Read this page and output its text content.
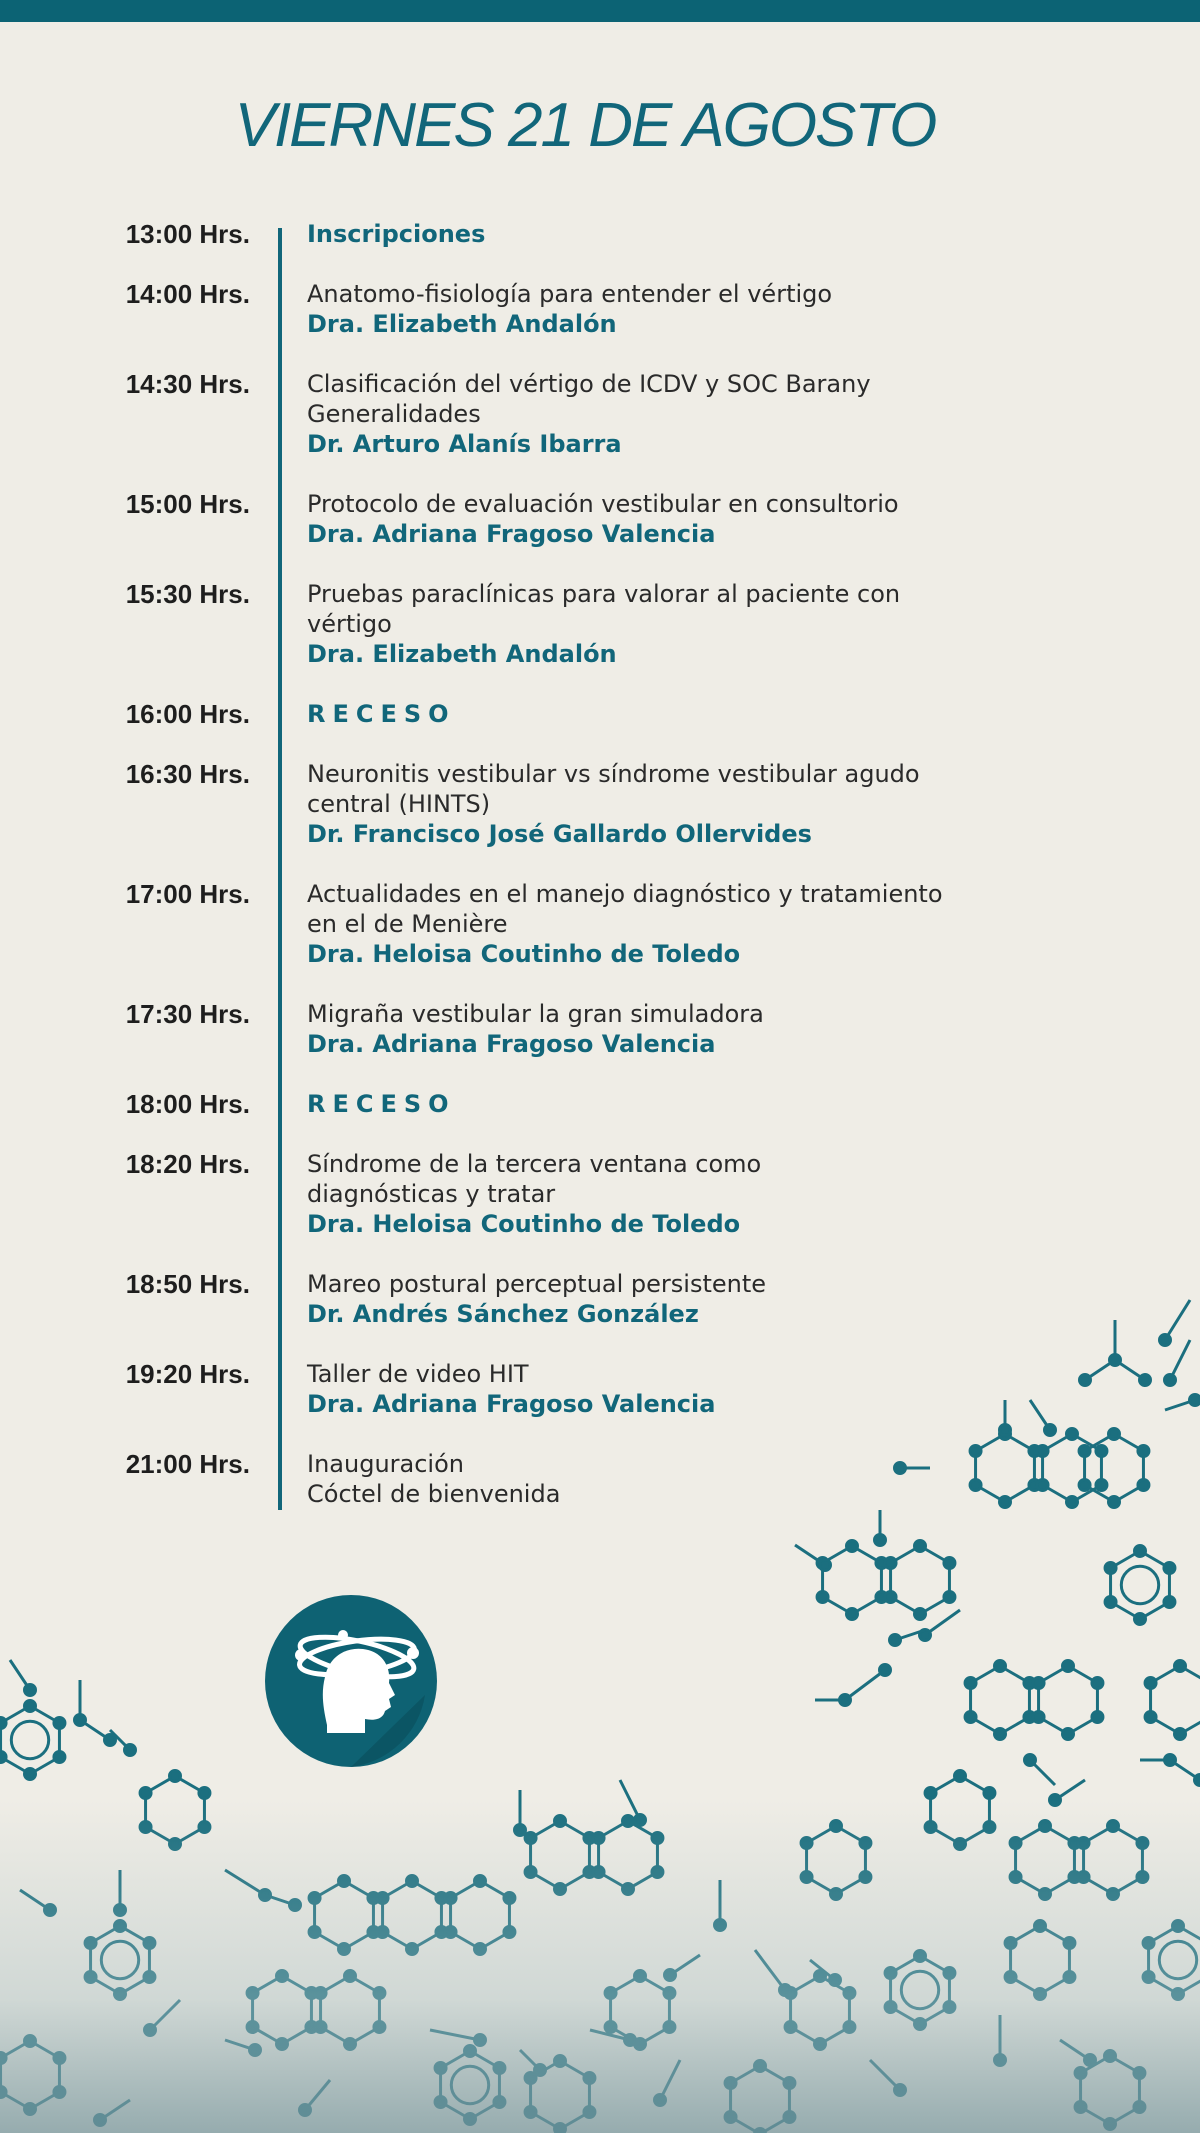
VIERNES 21 DE AGOSTO
13:00 Hrs. Inscripciones

14:00 Hrs. Anatomo-fisiología para entender el vértigo

Dra. Elizabeth Andalón

14:30 Hrs. Clasificación del vértigo de ICDV y SOC Barany

Generalidades

Dr. Arturo Alanís Ibarra

15:00 Hrs. Protocolo de evaluación vestibular en consultorio

Dra. Adriana Fragoso Valencia

15:30 Hrs. Pruebas paraclínicas para valorar al paciente con

vértigo

Dra. Elizabeth Andalón

16:00 Hrs. RECESO

16:30 Hrs. Neuronitis vestibular vs síndrome vestibular agudo

central (HINTS)

Dr. Francisco José Gallardo Ollervides

17:00 Hrs. Actualidades en el manejo diagnóstico y tratamiento

en el de Menière

Dra. Heloisa Coutinho de Toledo

17:30 Hrs. Migraña vestibular la gran simuladora

Dra. Adriana Fragoso Valencia

18:00 Hrs. RECESO

18:20 Hrs. Síndrome de la tercera ventana como

diagnósticas y tratar

Dra. Heloisa Coutinho de Toledo

18:50 Hrs. Mareo postural perceptual persistente

Dr. Andrés Sánchez González

19:20 Hrs. Taller de video HIT

Dra. Adriana Fragoso Valencia

21:00 Hrs. Inauguración

Cóctel de bienvenida
